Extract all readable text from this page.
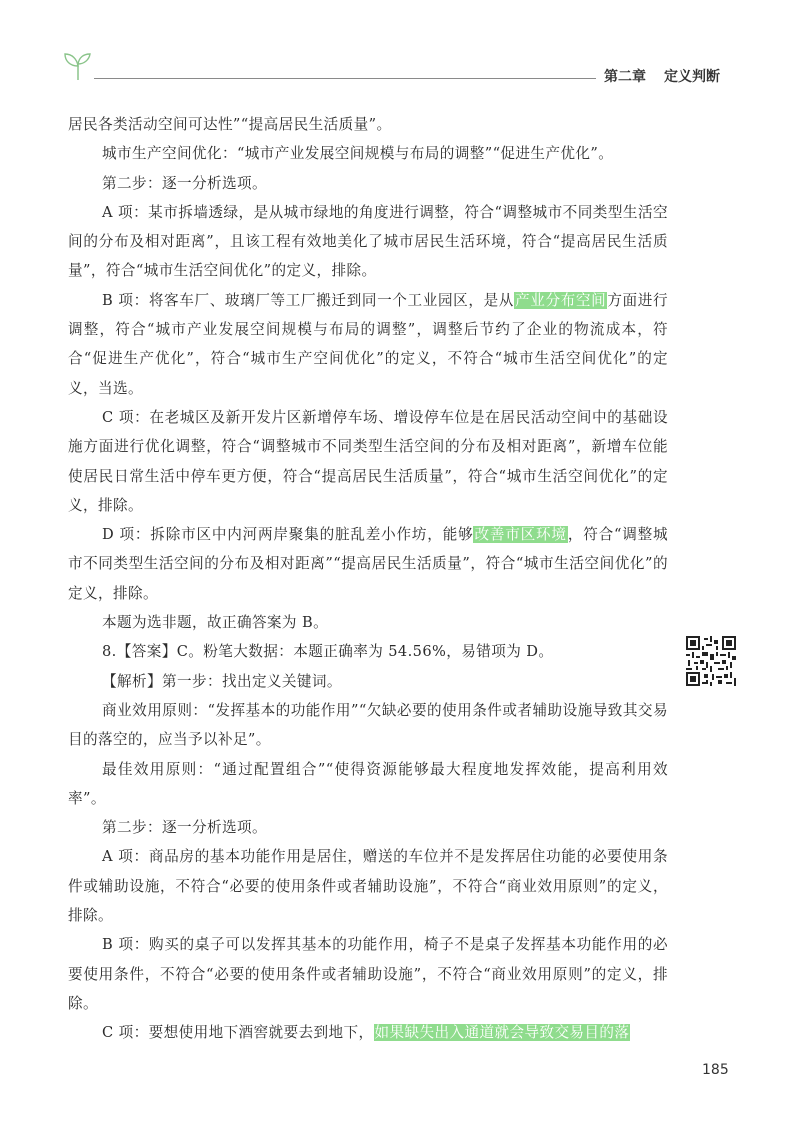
第二章 定义判断

居民各类活动空间可达性”“提高居民生活质量”。

城市生产空间优化：“城市产业发展空间规模与布局的调整”“促进生产优化”。

第二步：逐一分析选项。

A 项：某市拆墙透绿，是从城市绿地的角度进行调整，符合“调整城市不同类型生活空间的分布及相对距离”，且该工程有效地美化了城市居民生活环境，符合“提高居民生活质量”，符合“城市生活空间优化”的定义，排除。

B 项：将客车厂、玻璃厂等工厂搬迁到同一个工业园区，是从产业分布空间方面进行调整，符合“城市产业发展空间规模与布局的调整”，调整后节约了企业的物流成本，符合“促进生产优化”，符合“城市生产空间优化”的定义，不符合“城市生活空间优化”的定义，当选。

C 项：在老城区及新开发片区新增停车场、增设停车位是在居民活动空间中的基础设施方面进行优化调整，符合“调整城市不同类型生活空间的分布及相对距离”，新增车位能使居民日常生活中停车更方便，符合“提高居民生活质量”，符合“城市生活空间优化”的定义，排除。

D 项：拆除市区中内河两岸聚集的脏乱差小作坊，能够改善市区环境，符合“调整城市不同类型生活空间的分布及相对距离”“提高居民生活质量”，符合“城市生活空间优化”的定义，排除。

本题为选非题，故正确答案为 B。

8.【答案】C。粉笔大数据：本题正确率为 54.56%，易错项为 D。

【解析】第一步：找出定义关键词。

商业效用原则：“发挥基本的功能作用”“欠缺必要的使用条件或者辅助设施导致其交易目的落空的，应当予以补足”。

最佳效用原则：“通过配置组合”“使得资源能够最大程度地发挥效能，提高利用效率”。

第二步：逐一分析选项。

A 项：商品房的基本功能作用是居住，赠送的车位并不是发挥居住功能的必要使用条件或辅助设施，不符合“必要的使用条件或者辅助设施”，不符合“商业效用原则”的定义，排除。

B 项：购买的桌子可以发挥其基本的功能作用，椅子不是桌子发挥基本功能作用的必要使用条件，不符合“必要的使用条件或者辅助设施”，不符合“商业效用原则”的定义，排除。

C 项：要想使用地下酒窖就要去到地下，如果缺失出入通道就会导致交易目的落

185
